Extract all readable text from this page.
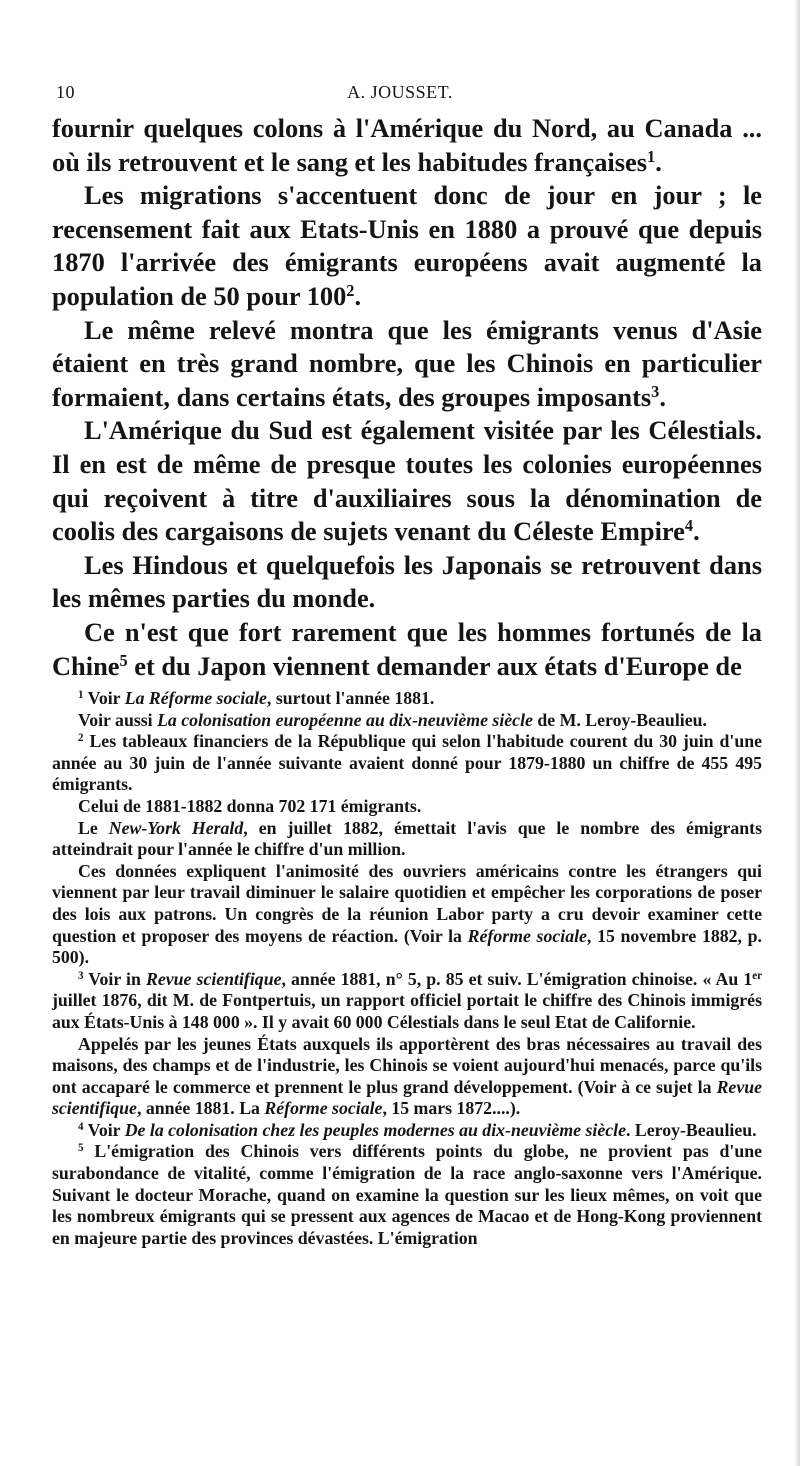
10	A. JOUSSET.

fournir quelques colons à l'Amérique du Nord, au Canada ... où ils retrouvent et le sang et les habitudes françaises$^1$.

Les migrations s'accentuent donc de jour en jour ; le recensement fait aux Etats-Unis en 1880 a prouvé que depuis 1870 l'arrivée des émigrants européens avait augmenté la population de 50 pour $100^2$.

Le même relevé montra que les émigrants venus d'Asie étaient en très grand nombre, que les Chinois en particulier formaient, dans certains états, des groupes imposants$^3$.

L'Amérique du Sud est également visitée par les Célestials. Il en est de même de presque toutes les colonies européennes qui reçoivent à titre d'auxiliaires sous la dénomination de coolis des cargaisons de sujets venant du Céleste Empire$^4$.

Les Hindous et quelquefois les Japonais se retrouvent dans les mêmes parties du monde.

Ce n'est que fort rarement que les hommes fortunés de la Chine$^5$ et du Japon viennent demander aux états d'Europe de

$^1$ Voir La Réforme sociale, surtout l'année 1881.

Voir aussi La colonisation européenne au dix-neuvième siècle de M. Leroy-Beaulieu.

$^2$ Les tableaux financiers de la République qui selon l'habitude courent du 30 juin d'une année au 30 juin de l'année suivante avaient donné pour 1879-1880 un chiffre de 455 495 émigrants.

Celui de 1881-1882 donna 702 171 émigrants.

Le New-York Herald, en juillet 1882, émettait l'avis que le nombre des émigrants atteindrait pour l'année le chiffre d'un million.

Ces données expliquent l'animosité des ouvriers américains contre les étrangers qui viennent par leur travail diminuer le salaire quotidien et empêcher les corporations de poser des lois aux patrons. Un congrès de la réunion Labor party a cru devoir examiner cette question et proposer des moyens de réaction. (Voir la Réforme sociale, 15 novembre 1882, p. 500).

$^3$ Voir in Revue scientifique, année 1881, n° 5, p. 85 et suiv. L'émigration chinoise. « Au 1er juillet 1876, dit M. de Fontpertuis, un rapport officiel portait le chiffre des Chinois immigrés aux États-Unis à 148 000 ». Il y avait 60 000 Célestials dans le seul Etat de Californie.

Appelés par les jeunes États auxquels ils apportèrent des bras nécessaires au travail des maisons, des champs et de l'industrie, les Chinois se voient aujourd'hui menacés, parce qu'ils ont accaparé le commerce et prennent le plus grand développement. (Voir à ce sujet la Revue scientifique, année 1881. La Réforme sociale, 15 mars 1872....).

$^4$ Voir De la colonisation chez les peuples modernes au dix-neuvième siècle. Leroy-Beaulieu.

$^5$ L'émigration des Chinois vers différents points du globe, ne provient pas d'une surabondance de vitalité, comme l'émigration de la race anglo-saxonne vers l'Amérique. Suivant le docteur Morache, quand on examine la question sur les lieux mêmes, on voit que les nombreux émigrants qui se pressent aux agences de Macao et de Hong-Kong proviennent en majeure partie des provinces dévastées. L'émigration
